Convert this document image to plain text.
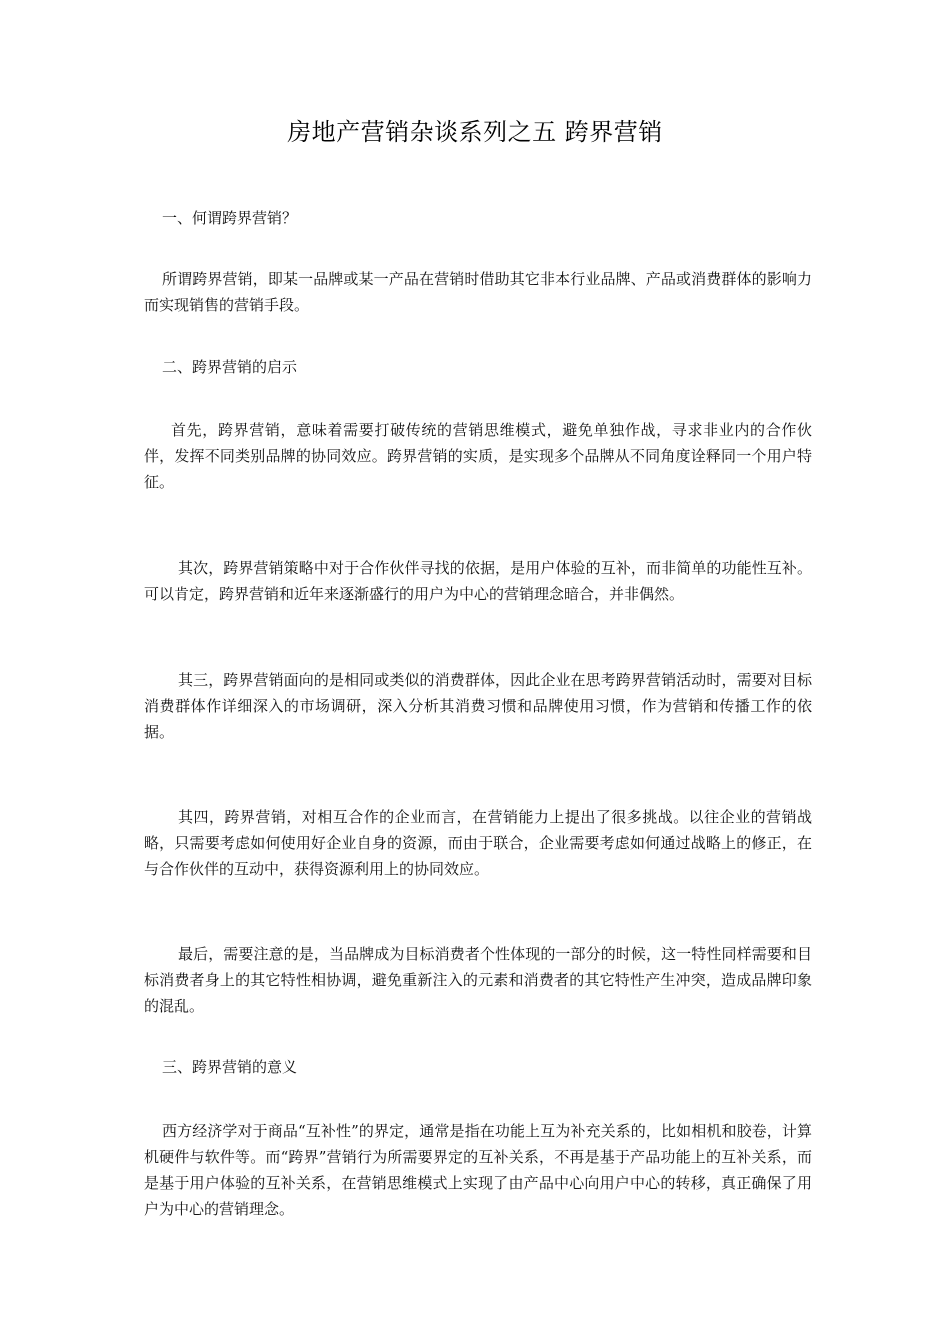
房地产营销杂谈系列之五 跨界营销

一、何谓跨界营销？

所谓跨界营销，即某一品牌或某一产品在营销时借助其它非本行业品牌、产品或消费群体的影响力而实现销售的营销手段。

二、跨界营销的启示

首先，跨界营销，意味着需要打破传统的营销思维模式，避免单独作战，寻求非业内的合作伙伴，发挥不同类别品牌的协同效应。跨界营销的实质，是实现多个品牌从不同角度诠释同一个用户特征。

其次，跨界营销策略中对于合作伙伴寻找的依据，是用户体验的互补，而非简单的功能性互补。可以肯定，跨界营销和近年来逐渐盛行的用户为中心的营销理念暗合，并非偶然。

其三，跨界营销面向的是相同或类似的消费群体，因此企业在思考跨界营销活动时，需要对目标消费群体作详细深入的市场调研，深入分析其消费习惯和品牌使用习惯，作为营销和传播工作的依据。

其四，跨界营销，对相互合作的企业而言，在营销能力上提出了很多挑战。以往企业的营销战略，只需要考虑如何使用好企业自身的资源，而由于联合，企业需要考虑如何通过战略上的修正，在与合作伙伴的互动中，获得资源利用上的协同效应。

最后，需要注意的是，当品牌成为目标消费者个性体现的一部分的时候，这一特性同样需要和目标消费者身上的其它特性相协调，避免重新注入的元素和消费者的其它特性产生冲突，造成品牌印象的混乱。

三、跨界营销的意义

西方经济学对于商品“互补性”的界定，通常是指在功能上互为补充关系的，比如相机和胶卷，计算机硬件与软件等。而“跨界”营销行为所需要界定的互补关系，不再是基于产品功能上的互补关系，而是基于用户体验的互补关系，在营销思维模式上实现了由产品中心向用户中心的转移，真正确保了用户为中心的营销理念。
